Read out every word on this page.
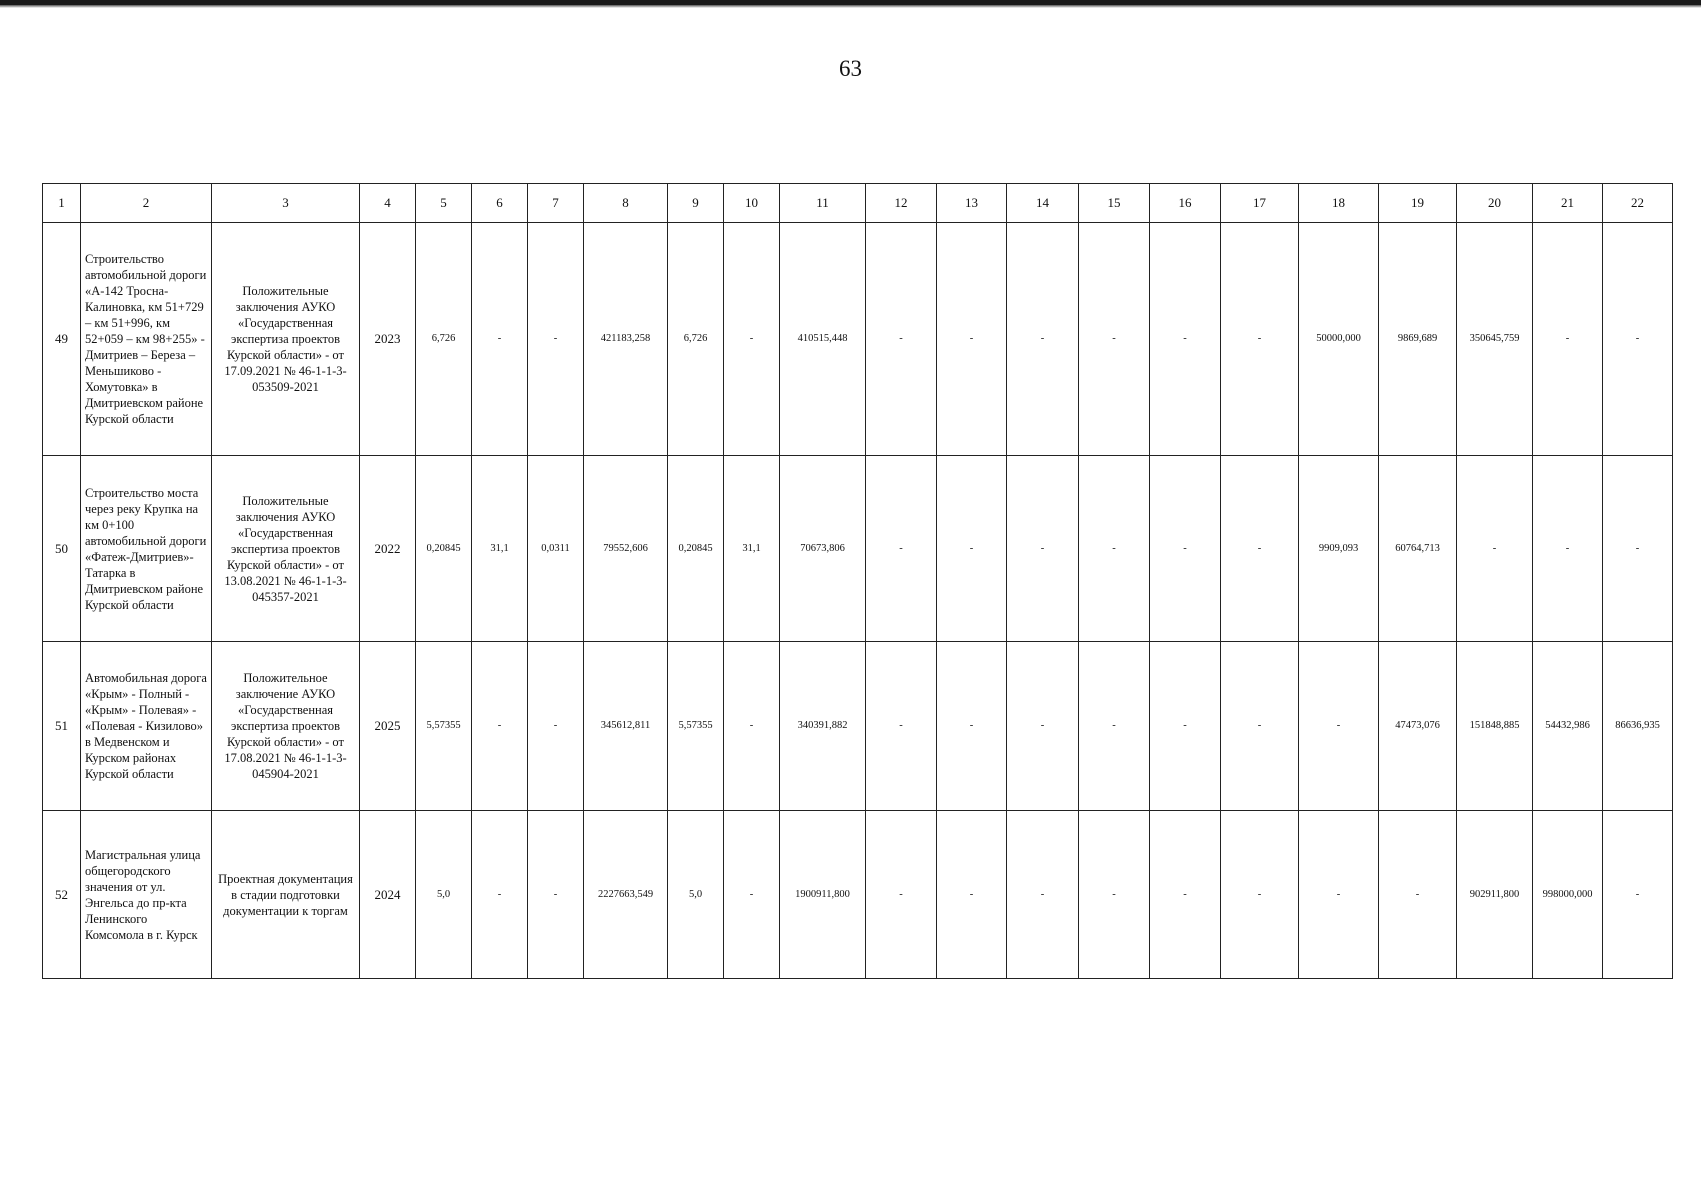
63
1	2	3	4	5	6	7	8	9	10	11	12	13	14	15	16	17	18	19	20	21	22
49	Строительство автомобильной дороги «А-142 Тросна-Калиновка, км 51+729 – км 51+996, км 52+059 – км 98+255» - Дмитриев – Береза – Меньшиково - Хомутовка» в Дмитриевском районе Курской области	Положительные заключения АУКО «Государственная экспертиза проектов Курской области» - от 17.09.2021 № 46-1-1-3-053509-2021	2023	6,726	-	-	421183,258	6,726	-	410515,448	-	-	-	-	-	-	50000,000	9869,689	350645,759	-	-
50	Строительство моста через реку Крупка на км 0+100 автомобильной дороги «Фатеж-Дмитриев»-Татарка в Дмитриевском районе Курской области	Положительные заключения АУКО «Государственная экспертиза проектов Курской области» - от 13.08.2021 № 46-1-1-3-045357-2021	2022	0,20845	31,1	0,0311	79552,606	0,20845	31,1	70673,806	-	-	-	-	-	-	9909,093	60764,713	-	-	-
51	Автомобильная дорога «Крым» - Полный - «Крым» - Полевая» - «Полевая - Кизилово» в Медвенском и Курском районах Курской области	Положительное заключение АУКО «Государственная экспертиза проектов Курской области» - от 17.08.2021 № 46-1-1-3-045904-2021	2025	5,57355	-	-	345612,811	5,57355	-	340391,882	-	-	-	-	-	-	-	47473,076	151848,885	54432,986	86636,935
52	Магистральная улица общегородского значения от ул. Энгельса до пр-кта Ленинского Комсомола в г. Курск	Проектная документация в стадии подготовки документации к торгам	2024	5,0	-	-	2227663,549	5,0	-	1900911,800	-	-	-	-	-	-	-	-	902911,800	998000,000	-
